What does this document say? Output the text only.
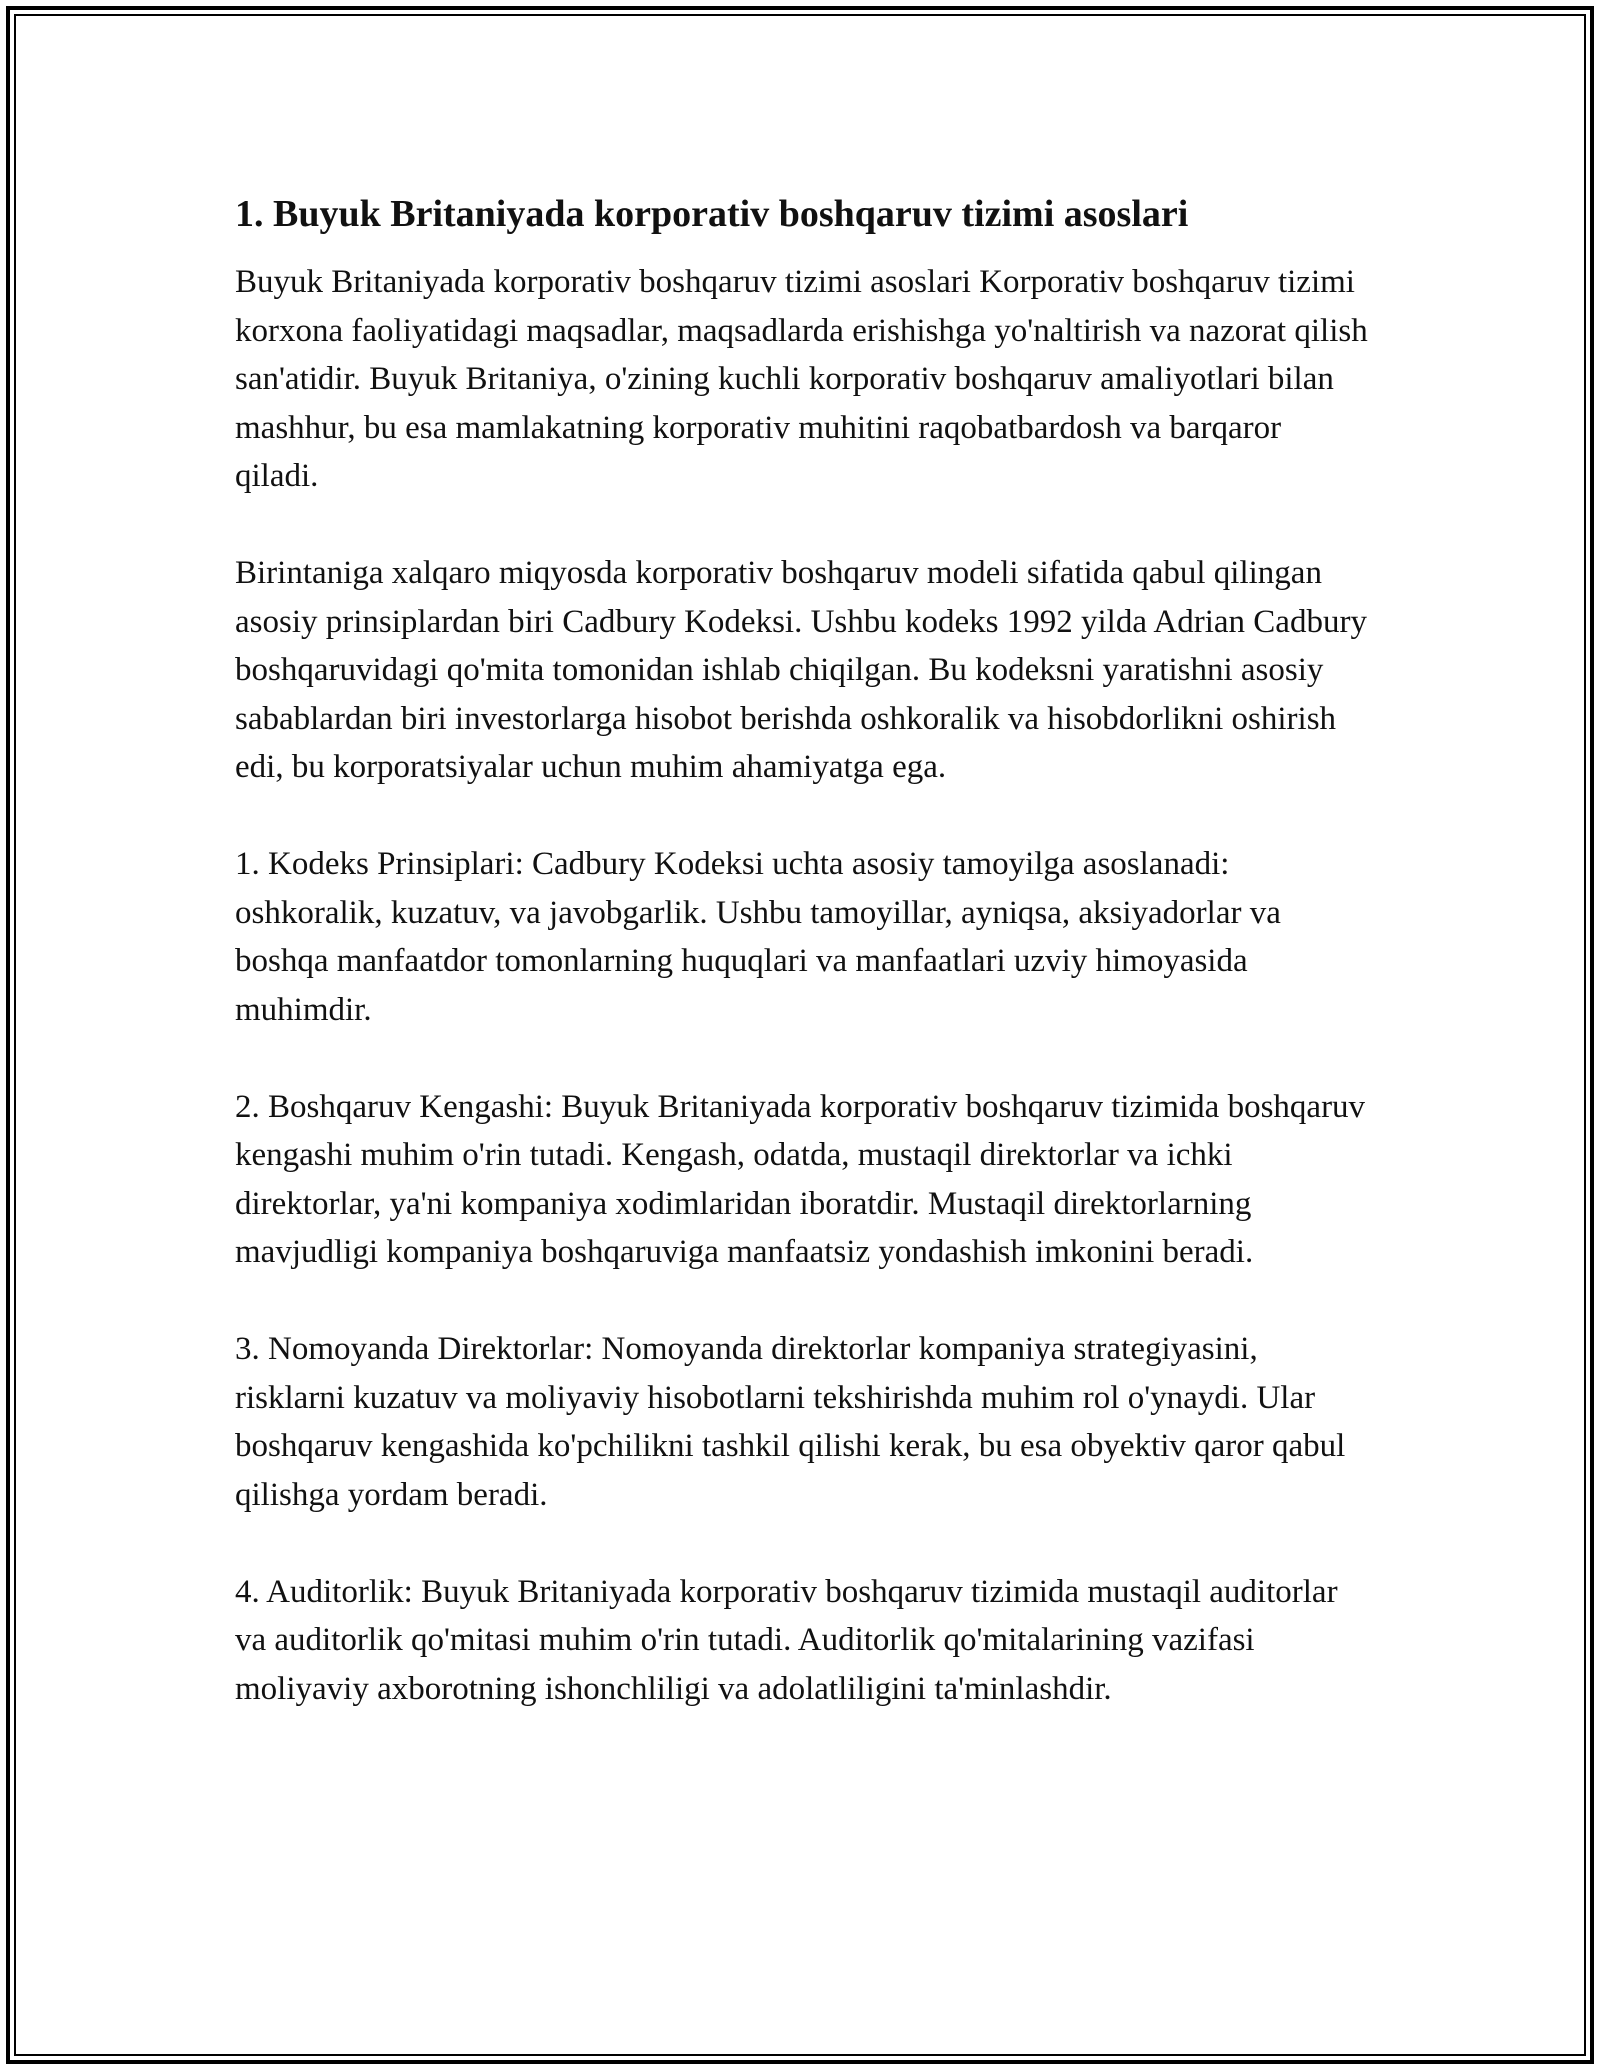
1. Buyuk Britaniyada korporativ boshqaruv tizimi asoslari

Buyuk Britaniyada korporativ boshqaruv tizimi asoslari Korporativ boshqaruv tizimi korxona faoliyatidagi maqsadlar, maqsadlarda erishishga yo'naltirish va nazorat qilish san'atidir. Buyuk Britaniya, o'zining kuchli korporativ boshqaruv amaliyotlari bilan mashhur, bu esa mamlakatning korporativ muhitini raqobatbardosh va barqaror qiladi.

Birintaniga xalqaro miqyosda korporativ boshqaruv modeli sifatida qabul qilingan asosiy prinsiplardan biri Cadbury Kodeksi. Ushbu kodeks 1992 yilda Adrian Cadbury boshqaruvidagi qo'mita tomonidan ishlab chiqilgan. Bu kodeksni yaratishni asosiy sabablardan biri investorlarga hisobot berishda oshkoralik va hisobdorlikni oshirish edi, bu korporatsiyalar uchun muhim ahamiyatga ega.

1. Kodeks Prinsiplari: Cadbury Kodeksi uchta asosiy tamoyilga asoslanadi: oshkoralik, kuzatuv, va javobgarlik. Ushbu tamoyillar, ayniqsa, aksiyadorlar va boshqa manfaatdor tomonlarning huquqlari va manfaatlari uzviy himoyasida muhimdir.

2. Boshqaruv Kengashi: Buyuk Britaniyada korporativ boshqaruv tizimida boshqaruv kengashi muhim o'rin tutadi. Kengash, odatda, mustaqil direktorlar va ichki direktorlar, ya'ni kompaniya xodimlaridan iboratdir. Mustaqil direktorlarning mavjudligi kompaniya boshqaruviga manfaatsiz yondashish imkonini beradi.

3. Nomoyanda Direktorlar: Nomoyanda direktorlar kompaniya strategiyasini, risklarni kuzatuv va moliyaviy hisobotlarni tekshirishda muhim rol o'ynaydi. Ular boshqaruv kengashida ko'pchilikni tashkil qilishi kerak, bu esa obyektiv qaror qabul qilishga yordam beradi.

4. Auditorlik: Buyuk Britaniyada korporativ boshqaruv tizimida mustaqil auditorlar va auditorlik qo'mitasi muhim o'rin tutadi. Auditorlik qo'mitalarining vazifasi moliyaviy axborotning ishonchliligi va adolatliligini ta'minlashdir.
